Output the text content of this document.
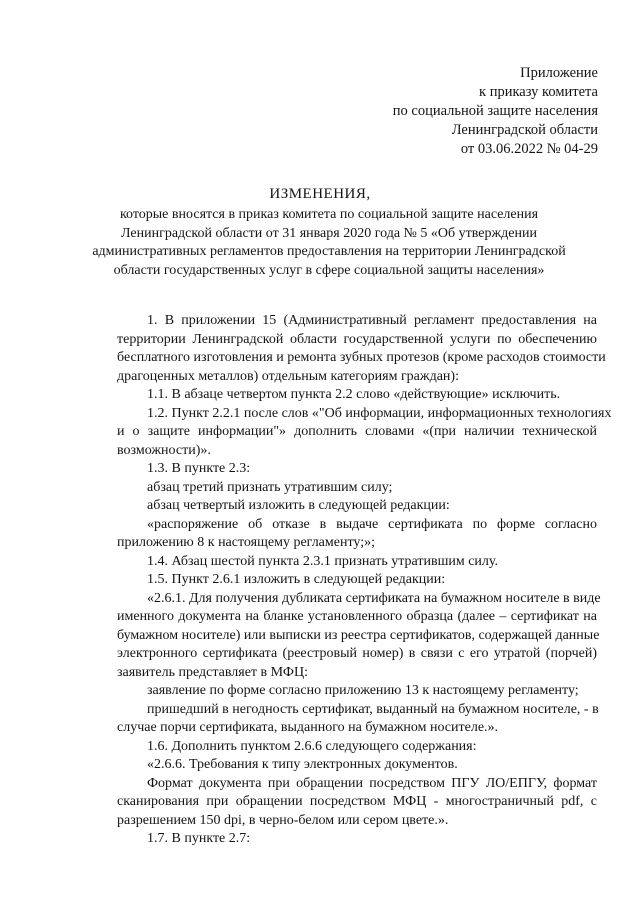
Приложение
к приказу комитета
по социальной защите населения
Ленинградской области
от 03.06.2022 № 04-29
ИЗМЕНЕНИЯ,
которые вносятся в приказ комитета по социальной защите населения
Ленинградской области от 31 января 2020 года № 5 «Об утверждении
административных регламентов предоставления на территории Ленинградской
области государственных услуг в сфере социальной защиты населения»
1. В приложении 15 (Административный регламент предоставления на
территории Ленинградской области государственной услуги по обеспечению
бесплатного изготовления и ремонта зубных протезов (кроме расходов стоимости
драгоценных металлов) отдельным категориям граждан):
1.1. В абзаце четвертом пункта 2.2 слово «действующие» исключить.
1.2. Пункт 2.2.1 после слов «"Об информации, информационных технологиях
и о защите информации"» дополнить словами «(при наличии технической
возможности)».
1.3. В пункте 2.3:
абзац третий признать утратившим силу;
абзац четвертый изложить в следующей редакции:
«распоряжение об отказе в выдаче сертификата по форме согласно
приложению 8 к настоящему регламенту;»;
1.4. Абзац шестой пункта 2.3.1 признать утратившим силу.
1.5. Пункт 2.6.1 изложить в следующей редакции:
«2.6.1. Для получения дубликата сертификата на бумажном носителе в виде
именного документа на бланке установленного образца (далее – сертификат на
бумажном носителе) или выписки из реестра сертификатов, содержащей данные
электронного сертификата (реестровый номер) в связи с его утратой (порчей)
заявитель представляет в МФЦ:
заявление по форме согласно приложению 13 к настоящему регламенту;
пришедший в негодность сертификат, выданный на бумажном носителе, - в
случае порчи сертификата, выданного на бумажном носителе.».
1.6. Дополнить пунктом 2.6.6 следующего содержания:
«2.6.6. Требования к типу электронных документов.
Формат документа при обращении посредством ПГУ ЛО/ЕПГУ, формат
сканирования при обращении посредством МФЦ - многостраничный pdf, с
разрешением 150 dpi, в черно-белом или сером цвете.».
1.7. В пункте 2.7:
